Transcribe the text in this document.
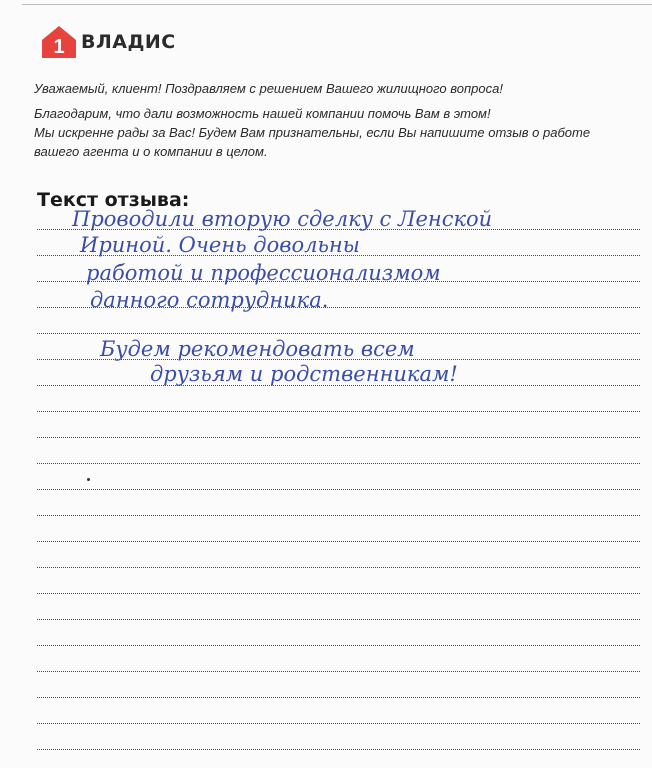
1 ВЛАДИС

Уважаемый, клиент! Поздравляем с решением Вашего жилищного вопроса!

Благодарим, что дали возможность нашей компании помочь Вам в этом!
Мы искренне рады за Вас! Будем Вам признательны, если Вы напишите отзыв о работе
вашего агента и о компании в целом.
Текст отзыва:
Проводили вторую сделку с Ленской
Ириной. Очень довольны
работой и профессионализмом
данного сотрудника.
Будем рекомендовать всем
друзьям и родственникам!
